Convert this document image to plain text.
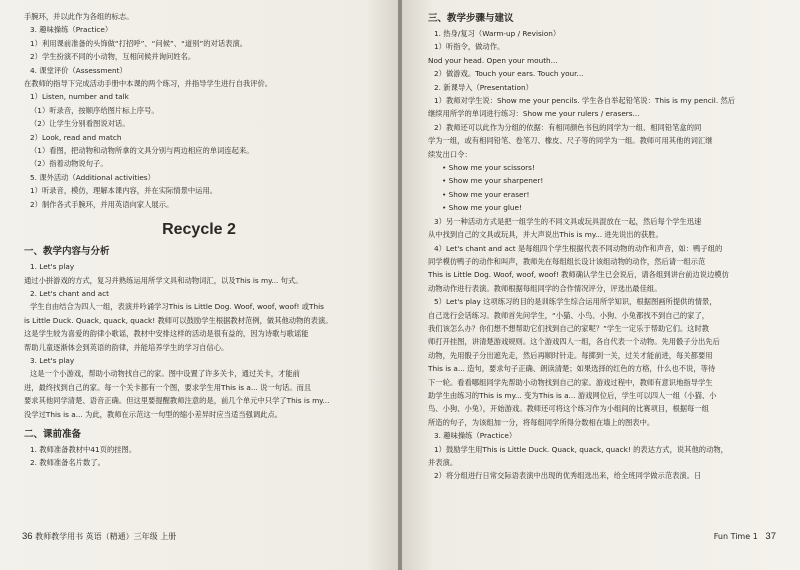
手腕环，并以此作为各组的标志。
3. 趣味操练（Practice）
1）利用课前准备的头饰做“打招呼”、“问候”、“道别”的对话表演。
2）学生扮演不同的小动物，互相问候并询问姓名。
4. 课堂评价（Assessment）
在教师的指导下完成活动手册中本课的两个练习，并指导学生进行自我评价。
1）Listen, number and talk
（1）听录音，按顺序给图片标上序号。
（2）让学生分别看图说对话。
2）Look, read and match
（1）看图，把动物和动物所拿的文具分别与两边相应的单词连起来。
（2）指着动物说句子。
5. 课外活动（Additional activities）
1）听录音，模仿，理解本课内容，并在实际情景中运用。
2）制作各式手腕环，并用英语向家人展示。
Recycle 2
一、教学内容与分析
1. Let's play
通过小拼游戏的方式，复习并熟练运用所学文具和动物词汇，以及This is my... 句式。
2. Let's chant and act
学生自由结合为四人一组，表演并吟诵学习This is Little Dog. Woof, woof, woof! 或This
is Little Duck. Quack, quack, quack! 教师可以鼓励学生根据教材范例，做其他动物的表演。
这是学生较为喜爱的韵律小歌谣，教材中安排这样的活动是很有益的，因为诗歌与歌谣能
帮助儿童逐渐体会到英语的韵律，并能培养学生的学习自信心。
3. Let's play
这是一个小游戏，帮助小动物找自己的家。图中设置了许多关卡，通过关卡，才能前
进，最终找到自己的家。每一个关卡都有一个图，要求学生用This is a... 说一句话。而且
要求其他同学清楚、语音正确。但这里要提醒教师注意的是，前几个单元中只学了This is my...
没学过This is a... 为此，教师在示范这一句型的缩小差异时应当适当强调此点。
二、课前准备
1. 教师准备教材中41页的挂图。
2. 教师准备名片数了。
36 教师教学用书 英语（精通）三年级 上册
三、教学步骤与建议
1. 热身/复习（Warm-up / Revision）
1）听指令，做动作。
Nod your head. Open your mouth...
2）做游戏。Touch your ears. Touch your...
2. 新课导入（Presentation）
1）教师对学生说：Show me your pencils. 学生各自举起铅笔说：This is my pencil. 然后
继续用所学的单词进行练习：Show me your rulers / erasers...
2）教师还可以此作为分组的依据：有相同颜色书包的同学为一组、相同铅笔盒的同
学为一组，或有相同铅笔、卷笔刀、橡皮、尺子等的同学为一组。教师可用其他的词汇继
续发出口令：
• Show me your scissors!
• Show me your sharpener!
• Show me your eraser!
• Show me your glue!
3）另一种活动方式是把一组学生的不同文具或玩具混放在一起，然后每个学生迅速
从中找到自己的文具或玩具，并大声说出This is my... 进先说出的获胜。
4）Let's chant and act 是每组四个学生根据代表不同动物的动作和声音，如：鸭子组的
同学模仿鸭子的动作和叫声，教师先在每组组长设计该组动物的动作，然后请一组示范
This is Little Dog. Woof, woof, woof! 教师确认学生已会说后，请各组到讲台前边说边模仿
动物动作进行表演。教师根据每组同学的合作情况评分，评选出最佳组。
5）Let's play 这项练习的目的是训练学生综合运用所学知识，根据图画所提供的情景，
自己选行会话练习。教师首先问学生，“小猫、小鸟、小狗、小兔都找不到自己的家了，
我们该怎么办？你们想不想帮助它们找到自己的家呢？”学生一定乐于帮助它们。这时教
师打开挂图，讲清楚游戏规则。这个游戏四人一组，各自代表一个动物。先用骰子分出先后
动物，先用骰子分出遮先走，然后再顺时针走。每掷到一关，过关才能前进，每关都要用
This is a... 造句，要求句子正确、朗读清楚；如果选择的红色的方格，什么也不说，等待
下一轮。看看哪组同学先帮助小动物找到自己的家。游戏过程中，教师有意识地指导学生
助学生由练习的This is my... 变为This is a... 游戏网位后，学生可以四人一组（小猫、小
鸟、小狗、小兔），开始游戏。教师还可将这个练习作为小组间的比赛项目，根据每一组
所造的句子，为该组加一分，将每组同学所得分数相在墙上的图表中。
3. 趣味操练（Practice）
1）鼓励学生用This is Little Duck. Quack, quack, quack! 的表达方式，说其他的动物，
并表演。
2）将分组进行日常交际语表演中出现的优秀组选出来，给全班同学做示范表演。日
Fun Time 1 37
